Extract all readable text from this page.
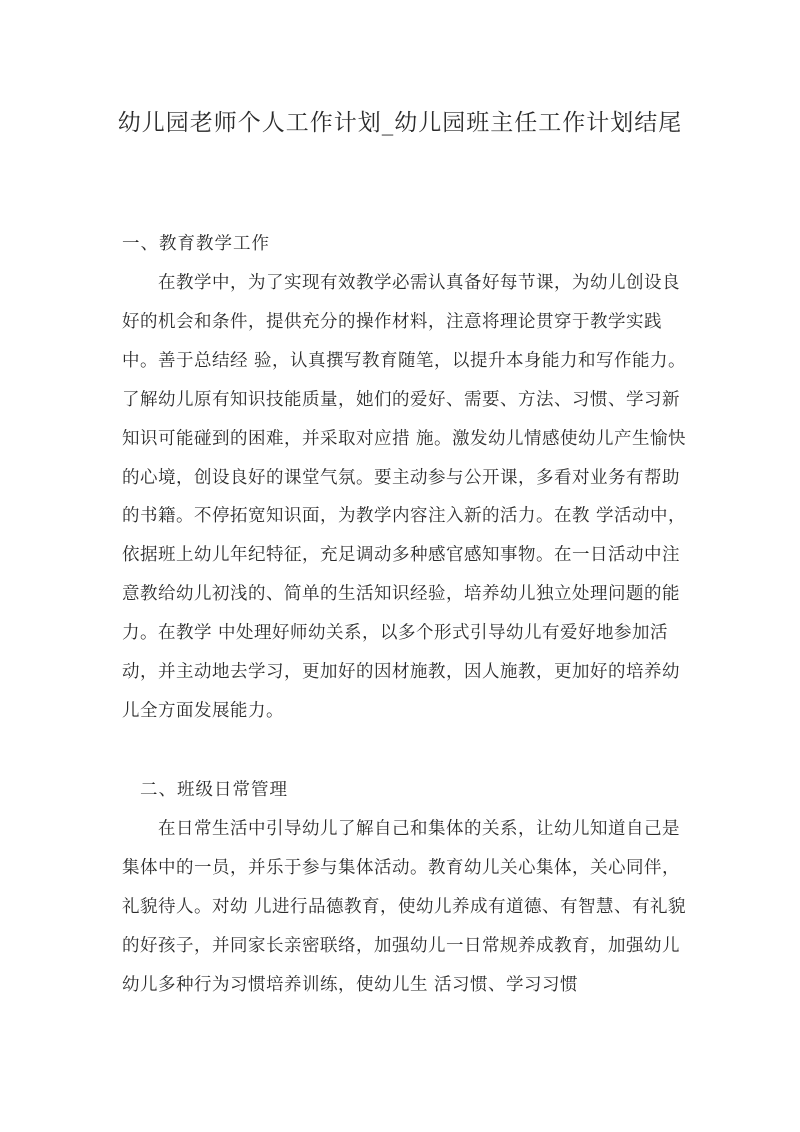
幼儿园老师个人工作计划_幼儿园班主任工作计划结尾
一、教育教学工作

在教学中，为了实现有效教学必需认真备好每节课，为幼儿创设良好的机会和条件，提供充分的操作材料，注意将理论贯穿于教学实践中。善于总结经 验，认真撰写教育随笔，以提升本身能力和写作能力。了解幼儿原有知识技能质量，她们的爱好、需要、方法、习惯、学习新知识可能碰到的困难，并采取对应措 施。激发幼儿情感使幼儿产生愉快的心境，创设良好的课堂气氛。要主动参与公开课，多看对业务有帮助的书籍。不停拓宽知识面，为教学内容注入新的活力。在教 学活动中，依据班上幼儿年纪特征，充足调动多种感官感知事物。在一日活动中注意教给幼儿初浅的、简单的生活知识经验，培养幼儿独立处理问题的能力。在教学 中处理好师幼关系，以多个形式引导幼儿有爱好地参加活动，并主动地去学习，更加好的因材施教，因人施教，更加好的培养幼儿全方面发展能力。

二、班级日常管理

在日常生活中引导幼儿了解自己和集体的关系，让幼儿知道自己是集体中的一员，并乐于参与集体活动。教育幼儿关心集体，关心同伴，礼貌待人。对幼 儿进行品德教育，使幼儿养成有道德、有智慧、有礼貌的好孩子，并同家长亲密联络，加强幼儿一日常规养成教育，加强幼儿幼儿多种行为习惯培养训练，使幼儿生 活习惯、学习习惯
